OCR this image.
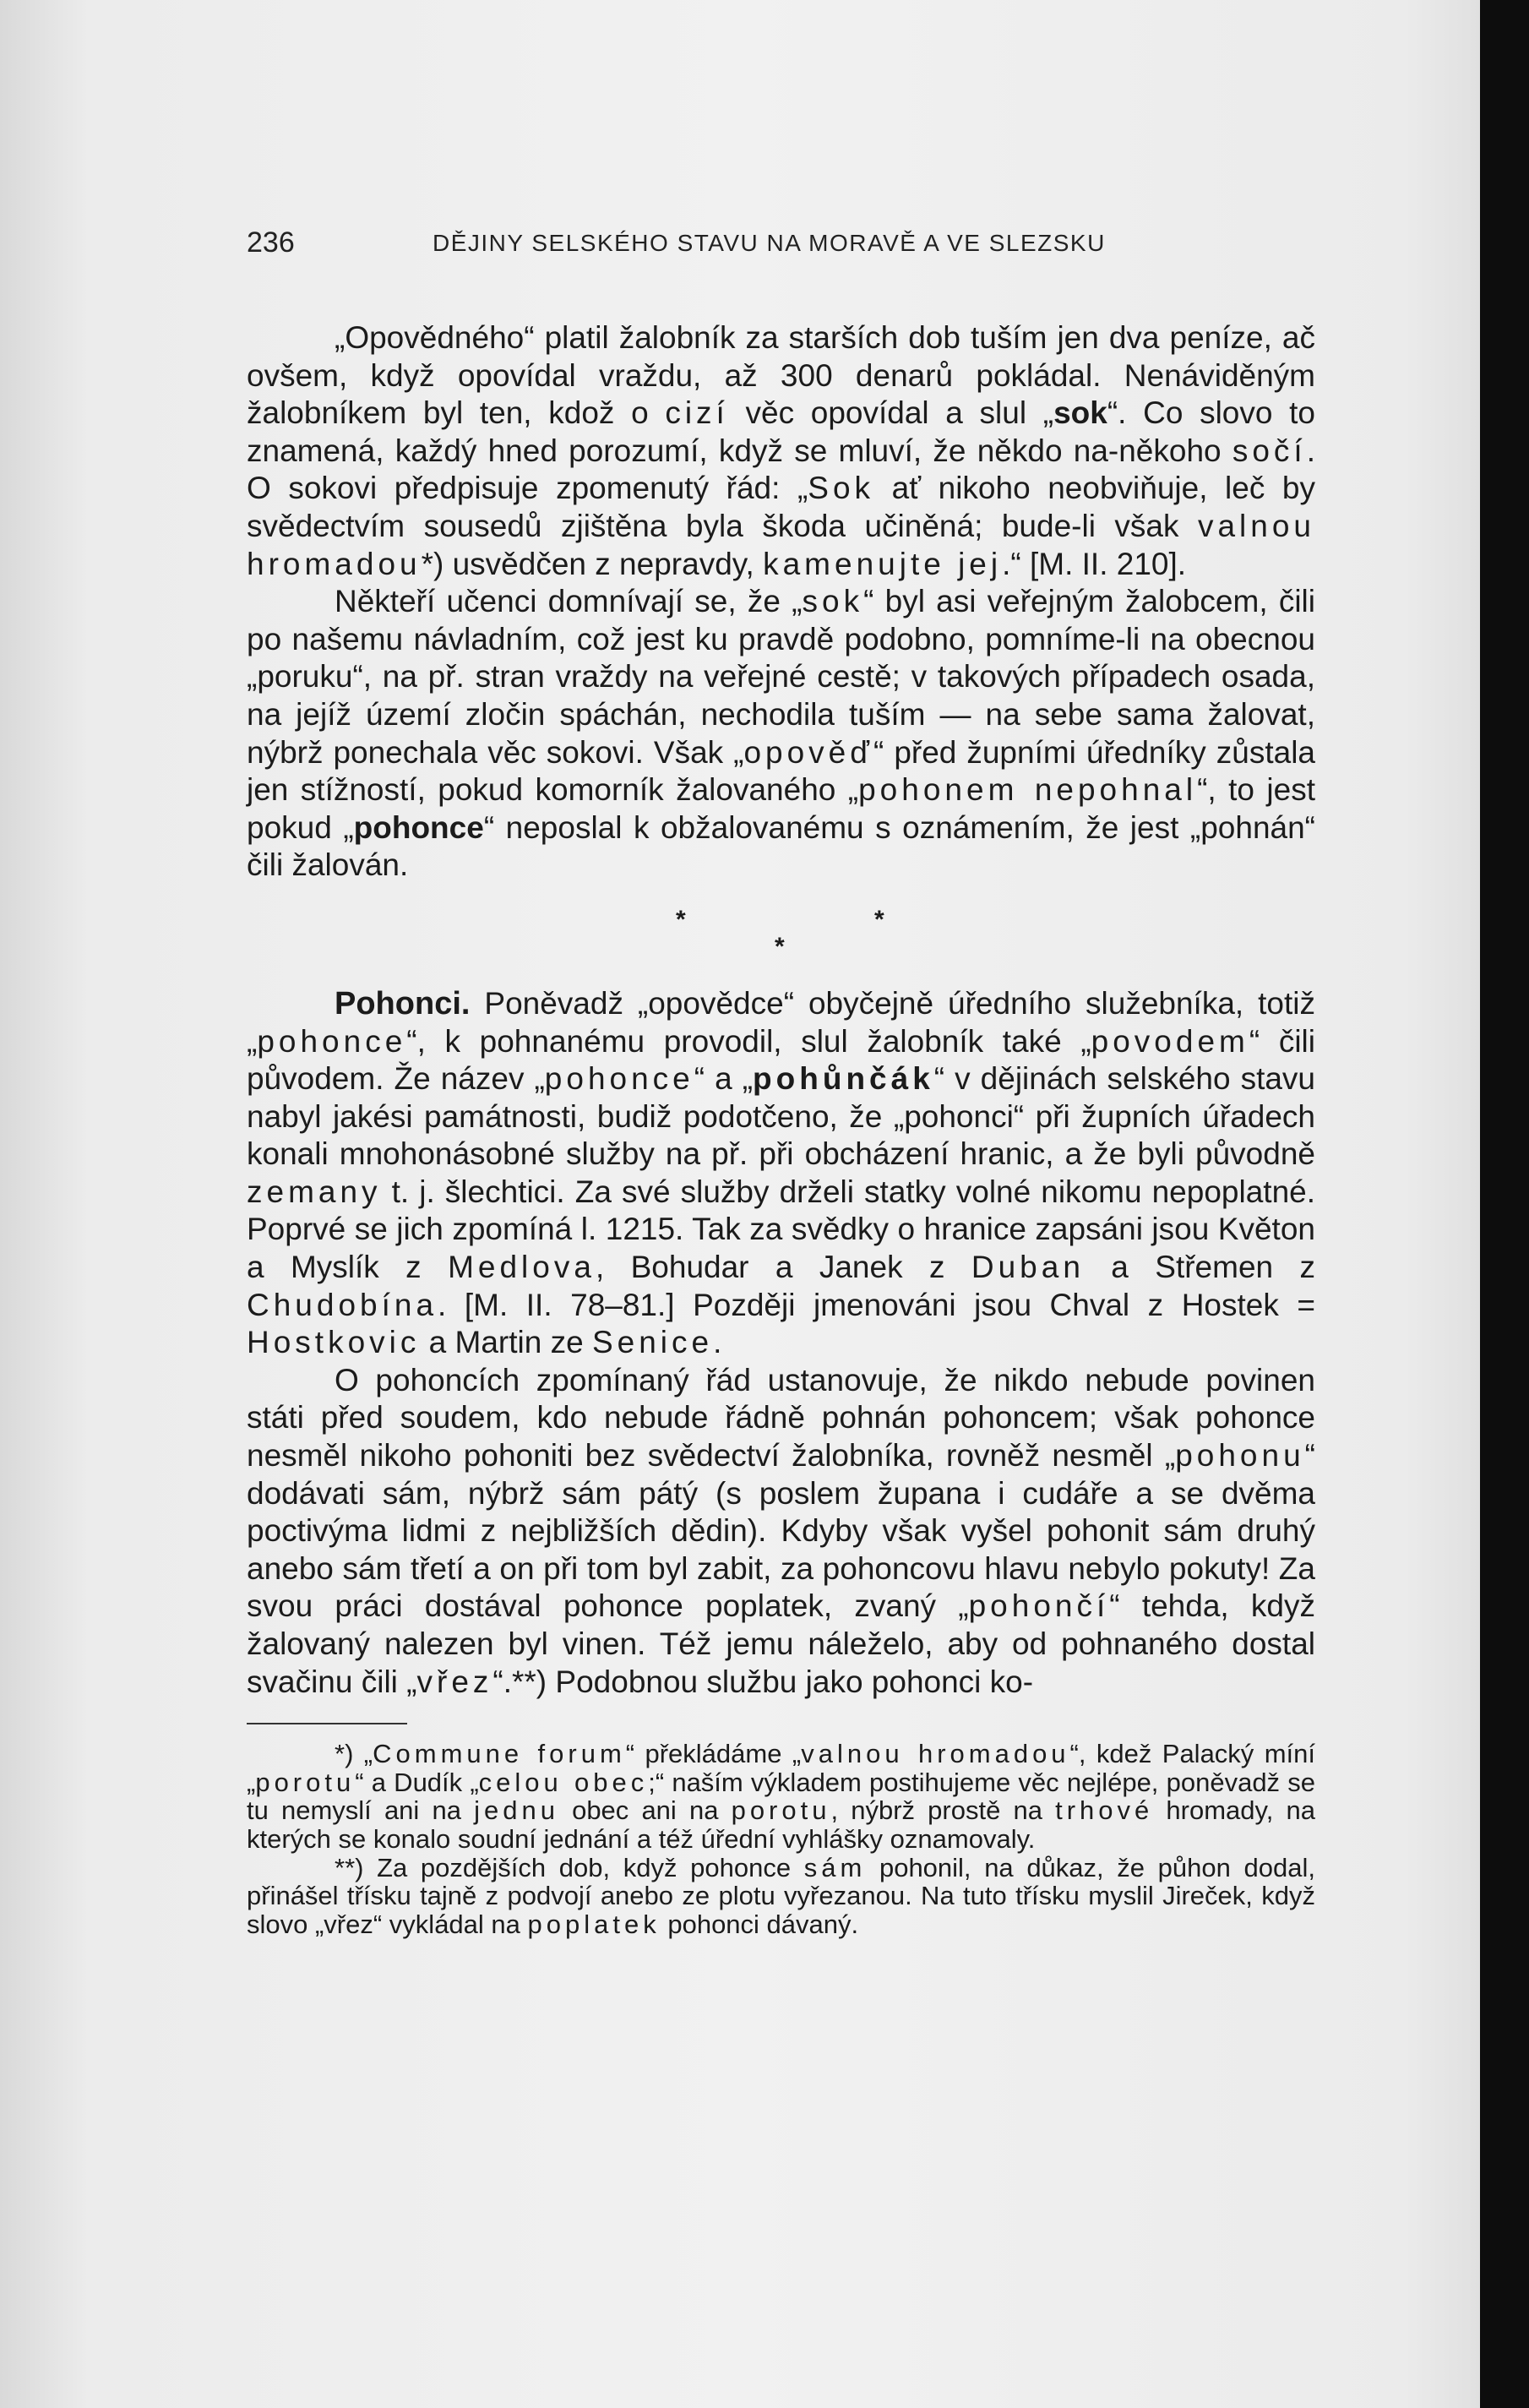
236	DĚJINY SELSKÉHO STAVU NA MORAVĚ A VE SLEZSKU

„Opovědného“ platil žalobník za starších dob tuším jen dva peníze, ač ovšem, když opovídal vraždu, až 300 denarů pokládal. Nenáviděným žalobníkem byl ten, kdož o cizí věc opovídal a slul „sok“. Co slovo to znamená, každý hned porozumí, když se mluví, že někdo na-někoho sočí. O sokovi předpisuje zpomenutý řád: „Sok ať nikoho neobviňuje, leč by svědectvím sousedů zjištěna byla škoda učiněná; bude-li však valnou hromadou*) usvědčen z nepravdy, kamenujte jej.“ [M. II. 210].

Někteří učenci domnívají se, že „sok“ byl asi veřejným žalobcem, čili po našemu návladním, což jest ku pravdě podobno, pomníme-li na obecnou „poruku“, na př. stran vraždy na veřejné cestě; v takových případech osada, na jejíž území zločin spáchán, nechodila tuším — na sebe sama žalovat, nýbrž ponechala věc sokovi. Však „opověď“ před župními úředníky zůstala jen stížností, pokud komorník žalovaného „pohonem nepohnal“, to jest pokud „pohonce“ neposlal k obžalovanému s oznámením, že jest „pohnán“ čili žalován.

*	*
*

Pohonci. Poněvadž „opovědce“ obyčejně úředního služebníka, totiž „pohonce“, k pohnanému provodil, slul žalobník také „povodem“ čili původem. Že název „pohonce“ a „pohůnčák“ v dějinách selského stavu nabyl jakési památnosti, budiž podotčeno, že „pohonci“ při župních úřadech konali mnohonásobné služby na př. při obcházení hranic, a že byli původně zemany t. j. šlechtici. Za své služby drželi statky volné nikomu nepoplatné. Poprvé se jich zpomíná l. 1215. Tak za svědky o hranice zapsáni jsou Květon a Myslík z Medlova, Bohudar a Janek z Duban a Střemen z Chudobína. [M. II. 78–81.] Později jmenováni jsou Chval z Hostek = Hostkovic a Martin ze Senice.

O pohoncích zpomínaný řád ustanovuje, že nikdo nebude povinen státi před soudem, kdo nebude řádně pohnán pohoncem; však pohonce nesměl nikoho pohoniti bez svědectví žalobníka, rovněž nesměl „pohonu“ dodávati sám, nýbrž sám pátý (s poslem župana i cudáře a se dvěma poctivýma lidmi z nejbližších dědin). Kdyby však vyšel pohonit sám druhý anebo sám třetí a on při tom byl zabit, za pohoncovu hlavu nebylo pokuty! Za svou práci dostával pohonce poplatek, zvaný „pohončí“ tehda, když žalovaný nalezen byl vinen. Též jemu náleželo, aby od pohnaného dostal svačinu čili „vřez“.**) Podobnou službu jako pohonci ko-

*) „Commune forum“ překládáme „valnou hromadou“, kdež Palacký míní „porotu“ a Dudík „celou obec;“ naším výkladem postihujeme věc nejlépe, poněvadž se tu nemyslí ani na jednu obec ani na porotu, nýbrž prostě na trhové hromady, na kterých se konalo soudní jednání a též úřední vyhlášky oznamovaly.

**) Za pozdějších dob, když pohonce sám pohonil, na důkaz, že půhon dodal, přinášel třísku tajně z podvojí anebo ze plotu vyřezanou. Na tuto třísku myslil Jireček, když slovo „vřez“ vykládal na poplatek pohonci dávaný.
